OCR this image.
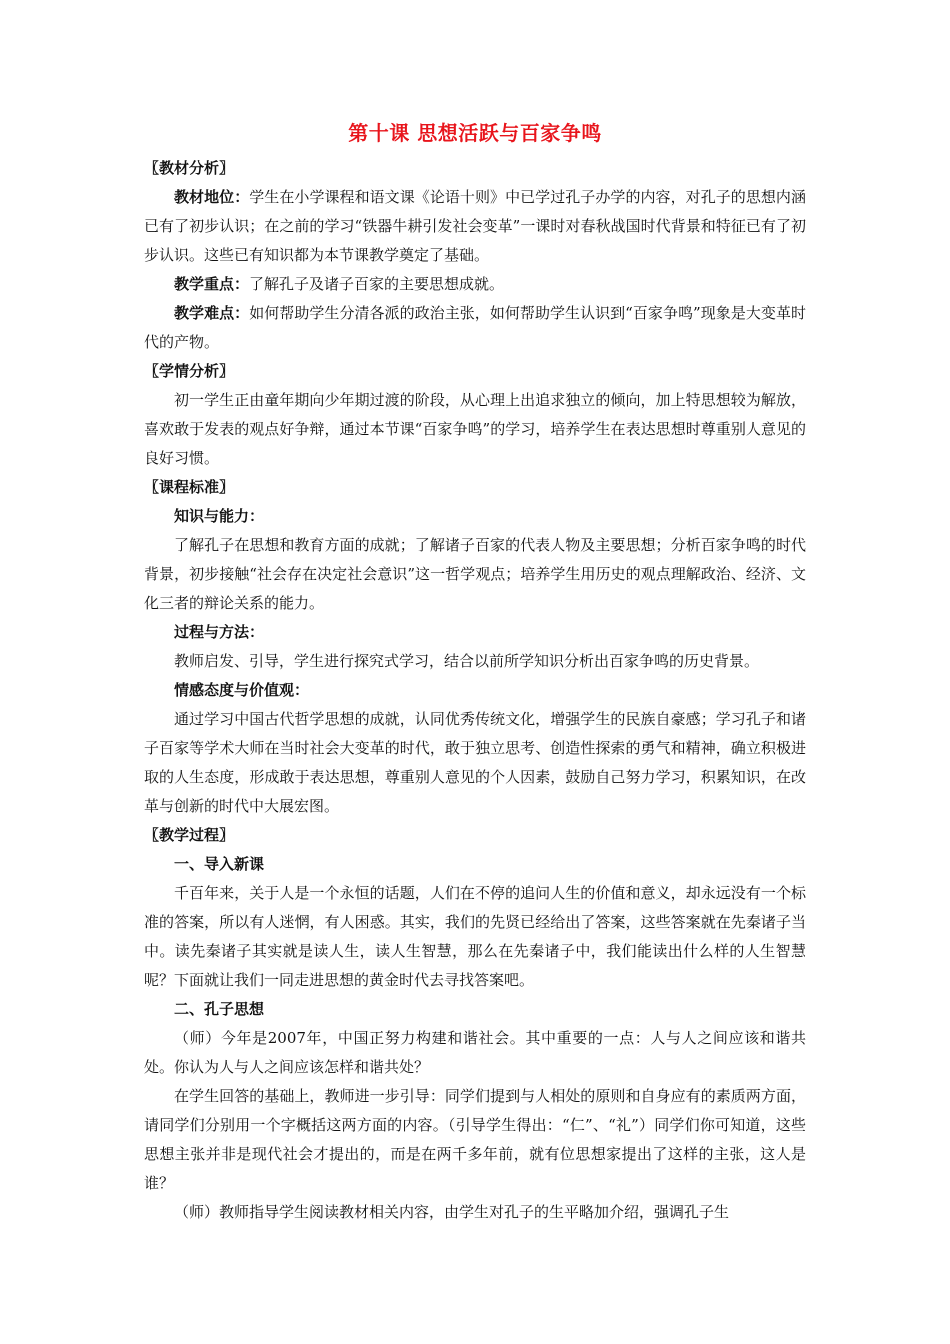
第十课 思想活跃与百家争鸣
〖教材分析〗

教材地位：学生在小学课程和语文课《论语十则》中已学过孔子办学的内容，对孔子的思想内涵已有了初步认识；在之前的学习“铁器牛耕引发社会变革”一课时对春秋战国时代背景和特征已有了初步认识。这些已有知识都为本节课教学奠定了基础。

教学重点：了解孔子及诸子百家的主要思想成就。

教学难点：如何帮助学生分清各派的政治主张，如何帮助学生认识到“百家争鸣”现象是大变革时代的产物。

〖学情分析〗

初一学生正由童年期向少年期过渡的阶段，从心理上出追求独立的倾向，加上特思想较为解放，喜欢敢于发表的观点好争辩，通过本节课“百家争鸣”的学习，培养学生在表达思想时尊重别人意见的良好习惯。

〖课程标准〗
知识与能力：

了解孔子在思想和教育方面的成就；了解诸子百家的代表人物及主要思想；分析百家争鸣的时代背景，初步接触“社会存在决定社会意识”这一哲学观点；培养学生用历史的观点理解政治、经济、文化三者的辩论关系的能力。

过程与方法：

教师启发、引导，学生进行探究式学习，结合以前所学知识分析出百家争鸣的历史背景。

情感态度与价值观：

通过学习中国古代哲学思想的成就，认同优秀传统文化，增强学生的民族自豪感；学习孔子和诸子百家等学术大师在当时社会大变革的时代，敢于独立思考、创造性探索的勇气和精神，确立积极进取的人生态度，形成敢于表达思想，尊重别人意见的个人因素，鼓励自己努力学习，积累知识，在改革与创新的时代中大展宏图。

〖教学过程〗
一、导入新课

千百年来，关于人是一个永恒的话题，人们在不停的追问人生的价值和意义，却永远没有一个标准的答案，所以有人迷惘，有人困惑。其实，我们的先贤已经给出了答案，这些答案就在先秦诸子当中。读先秦诸子其实就是读人生，读人生智慧，那么在先秦诸子中，我们能读出什么样的人生智慧呢？下面就让我们一同走进思想的黄金时代去寻找答案吧。

二、孔子思想

（师）今年是2007年，中国正努力构建和谐社会。其中重要的一点：人与人之间应该和谐共处。你认为人与人之间应该怎样和谐共处？

在学生回答的基础上，教师进一步引导：同学们提到与人相处的原则和自身应有的素质两方面，请同学们分别用一个字概括这两方面的内容。（引导学生得出：“仁”、“礼”）同学们你可知道，这些思想主张并非是现代社会才提出的，而是在两千多年前，就有位思想家提出了这样的主张，这人是谁？

（师）教师指导学生阅读教材相关内容，由学生对孔子的生平略加介绍，强调孔子生
